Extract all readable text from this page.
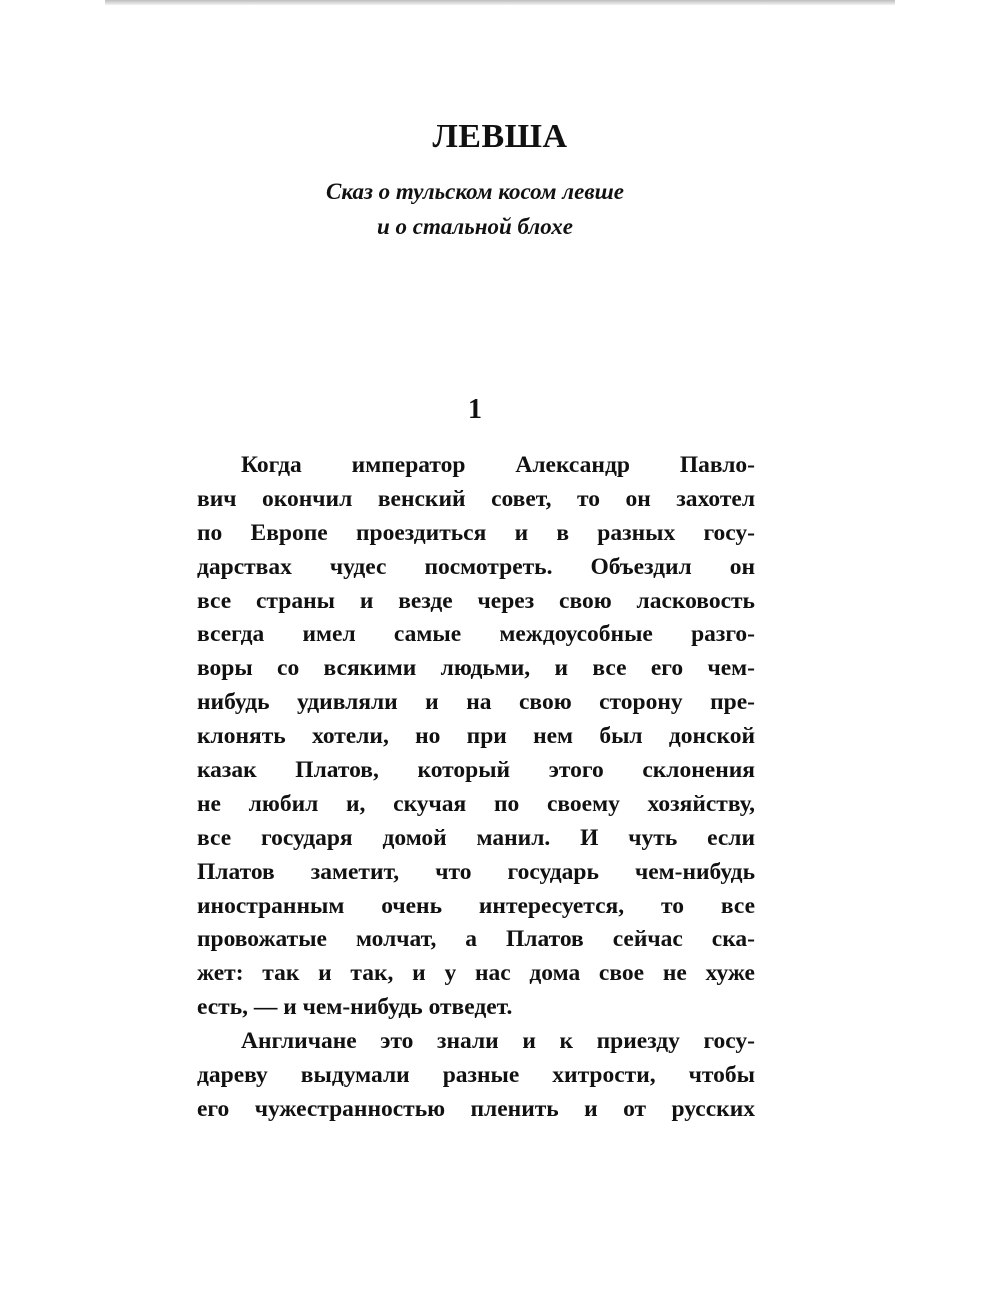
ЛЕВША
Сказ о тульском косом левше
и о стальной блохе
1
Когда император Александр Павло-
вич окончил венский совет, то он захотел
по Европе проездиться и в разных госу-
дарствах чудес посмотреть. Объездил он
все страны и везде через свою ласковость
всегда имел самые междоусобные разго-
воры со всякими людьми, и все его чем-
нибудь удивляли и на свою сторону пре-
клонять хотели, но при нем был донской
казак Платов, который этого склонения
не любил и, скучая по своему хозяйству,
все государя домой манил. И чуть если
Платов заметит, что государь чем-нибудь
иностранным очень интересуется, то все
провожатые молчат, а Платов сейчас ска-
жет: так и так, и у нас дома свое не хуже
есть, — и чем-нибудь отведет.
Англичане это знали и к приезду госу-
дареву выдумали разные хитрости, чтобы
его чужестранностью пленить и от русских
